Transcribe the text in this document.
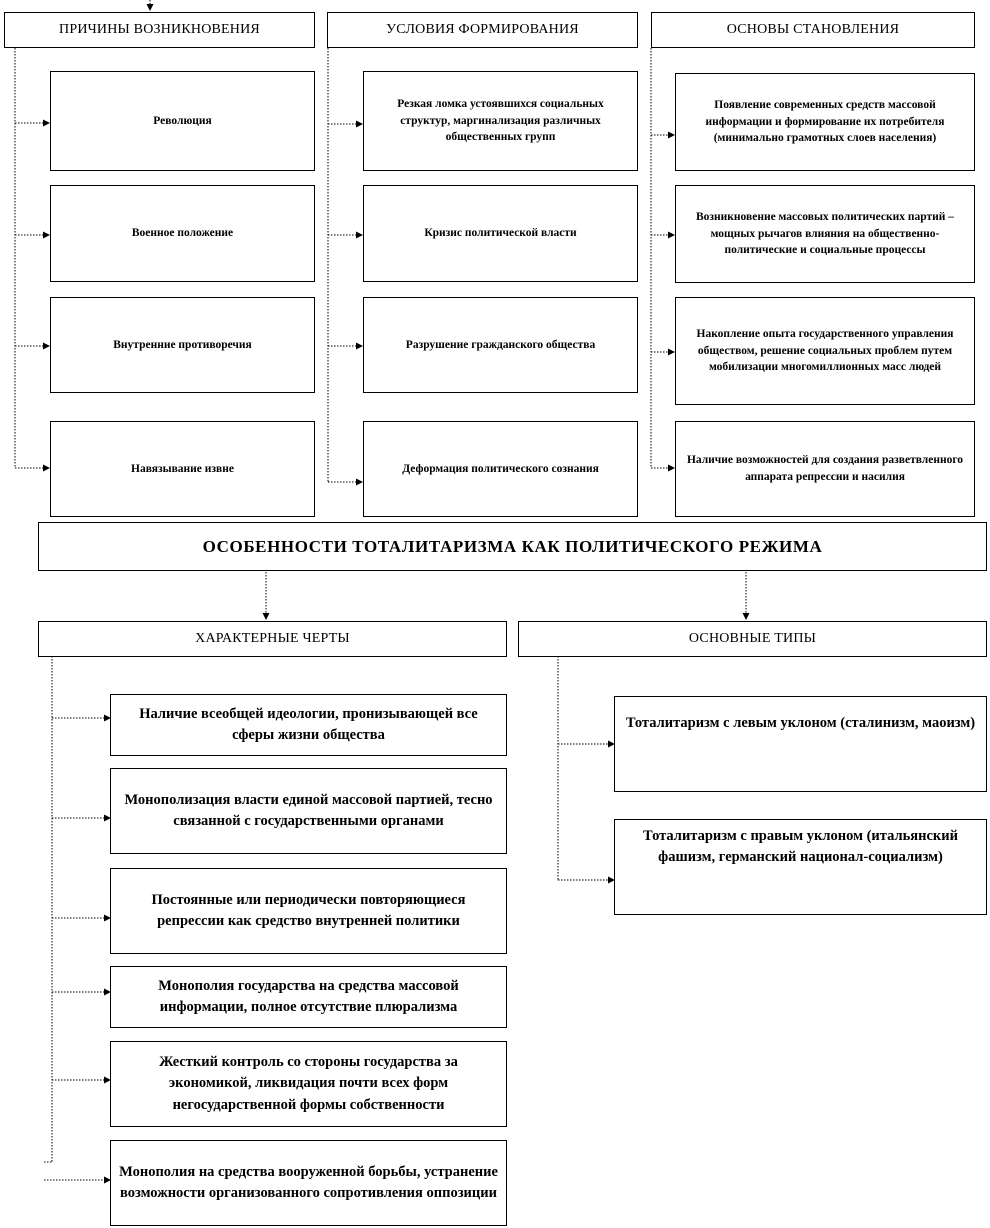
ПРИЧИНЫ ВОЗНИКНОВЕНИЯ	УСЛОВИЯ ФОРМИРОВАНИЯ	ОСНОВЫ СТАНОВЛЕНИЯ
Революция
Военное положение
Внутренние противоречия
Навязывание извне
Резкая ломка устоявшихся социальных структур, маргинализация различных общественных групп
Кризис политической власти
Разрушение гражданского общества
Деформация политического сознания
Появление современных средств массовой информации и формирование их потребителя (минимально грамотных слоев населения)
Возникновение массовых политических партий – мощных рычагов влияния на общественно-политические и социальные процессы
Накопление опыта государственного управления обществом, решение социальных проблем путем мобилизации многомиллионных масс людей
Наличие возможностей для создания разветвленного аппарата репрессии и насилия
ОСОБЕННОСТИ ТОТАЛИТАРИЗМА КАК ПОЛИТИЧЕСКОГО РЕЖИМА
ХАРАКТЕРНЫЕ ЧЕРТЫ	ОСНОВНЫЕ ТИПЫ
Наличие всеобщей идеологии, пронизывающей все сферы жизни общества
Монополизация власти единой массовой партией, тесно связанной с государственными органами
Постоянные или периодически повторяющиеся репрессии как средство внутренней политики
Монополия государства на средства массовой информации, полное отсутствие плюрализма
Жесткий контроль со стороны государства за экономикой, ликвидация почти всех форм негосударственной формы собственности
Монополия на средства вооруженной борьбы, устранение возможности организованного сопротивления оппозиции
Тоталитаризм с левым уклоном (сталинизм, маоизм)
Тоталитаризм с правым уклоном (итальянский фашизм, германский национал-социализм)
